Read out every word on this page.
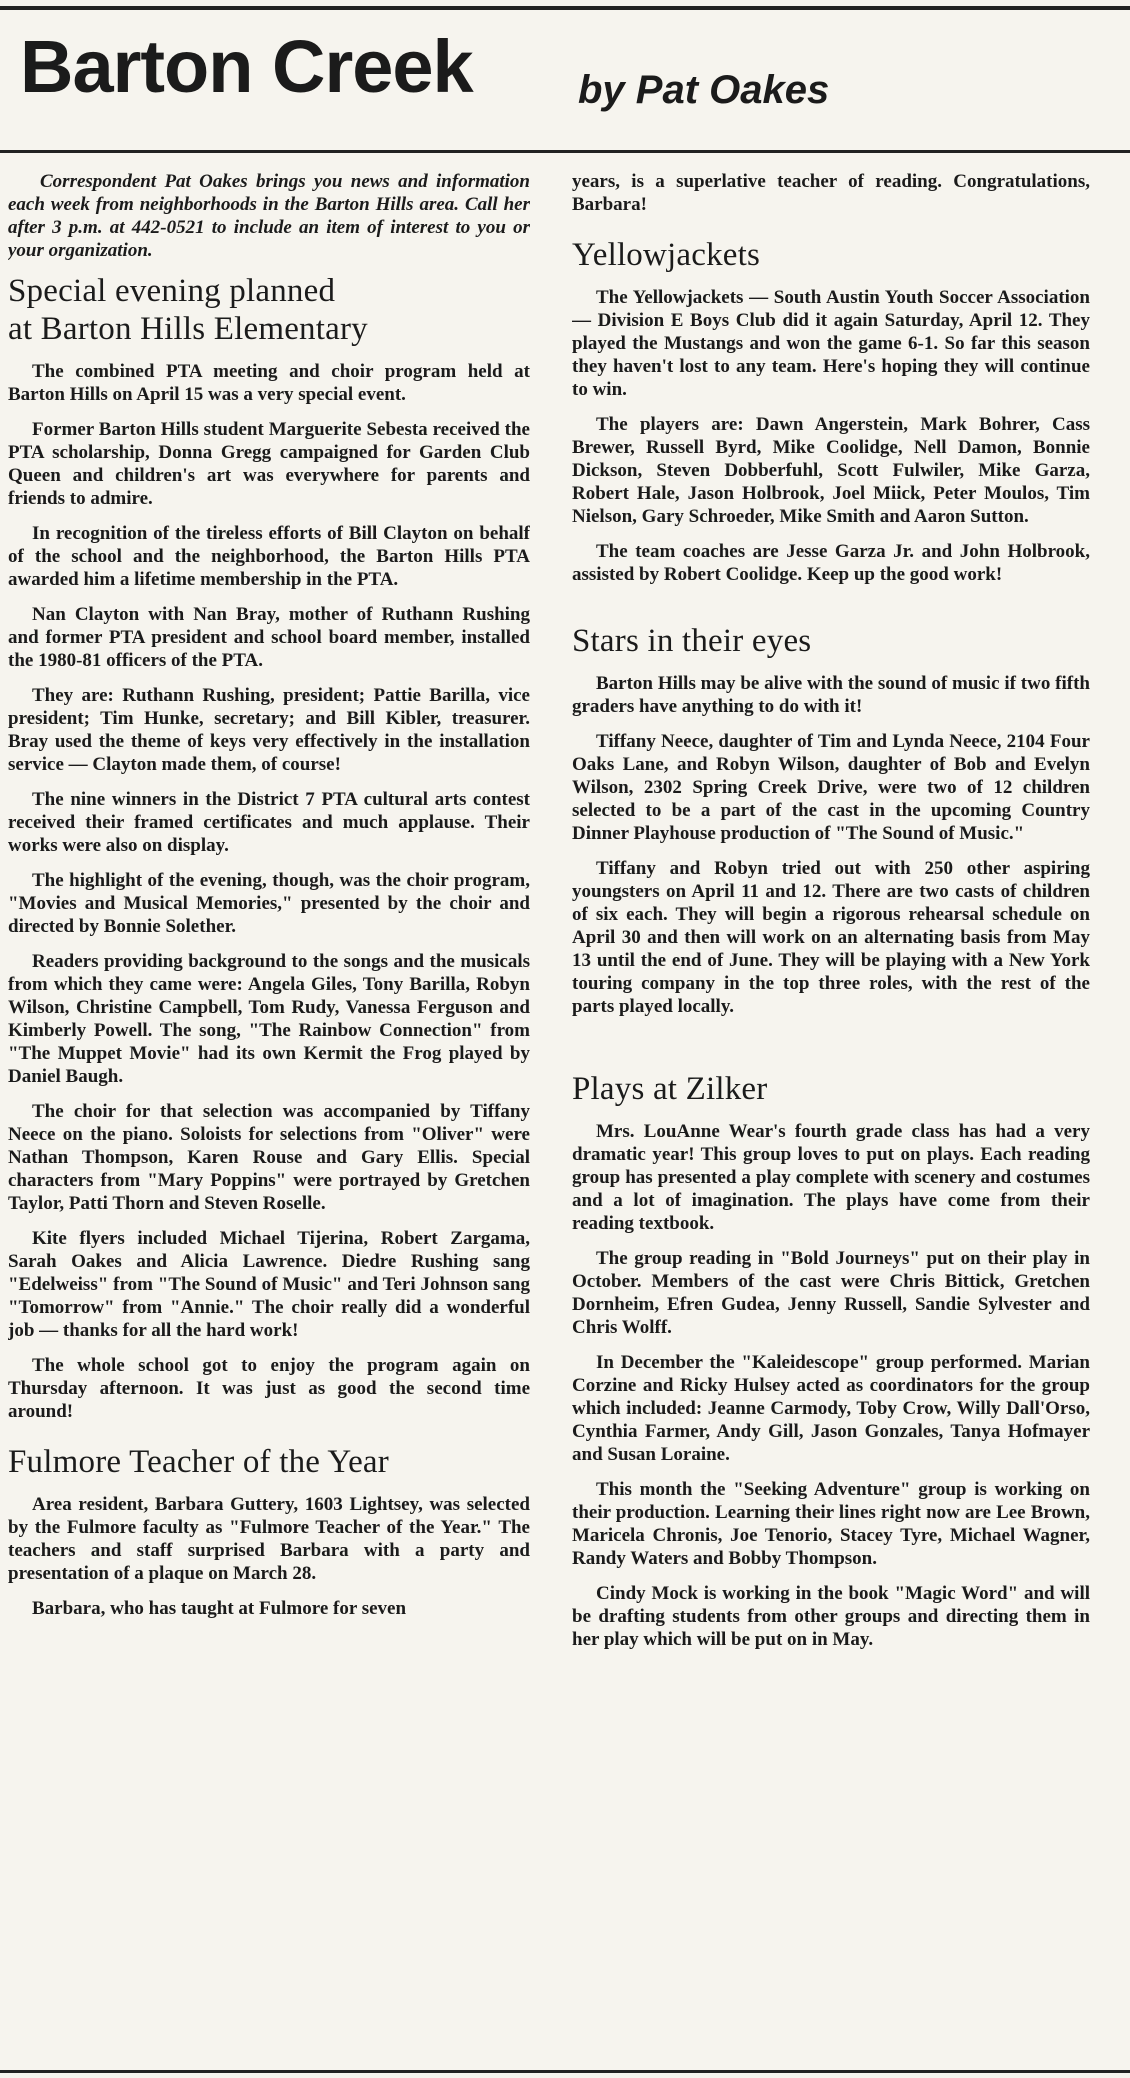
Barton Creek	by Pat Oakes

Correspondent Pat Oakes brings you news and information each week from neighborhoods in the Barton Hills area. Call her after 3 p.m. at 442-0521 to include an item of interest to you or your organization.

Special evening planned
at Barton Hills Elementary

The combined PTA meeting and choir program held at Barton Hills on April 15 was a very special event.

Former Barton Hills student Marguerite Sebesta received the PTA scholarship, Donna Gregg campaigned for Garden Club Queen and children's art was everywhere for parents and friends to admire.

In recognition of the tireless efforts of Bill Clayton on behalf of the school and the neighborhood, the Barton Hills PTA awarded him a lifetime membership in the PTA.

Nan Clayton with Nan Bray, mother of Ruthann Rushing and former PTA president and school board member, installed the 1980-81 officers of the PTA.

They are: Ruthann Rushing, president; Pattie Barilla, vice president; Tim Hunke, secretary; and Bill Kibler, treasurer. Bray used the theme of keys very effectively in the installation service — Clayton made them, of course!

The nine winners in the District 7 PTA cultural arts contest received their framed certificates and much applause. Their works were also on display.

The highlight of the evening, though, was the choir program, "Movies and Musical Memories," presented by the choir and directed by Bonnie Solether.

Readers providing background to the songs and the musicals from which they came were: Angela Giles, Tony Barilla, Robyn Wilson, Christine Campbell, Tom Rudy, Vanessa Ferguson and Kimberly Powell. The song, "The Rainbow Connection" from "The Muppet Movie" had its own Kermit the Frog played by Daniel Baugh.

The choir for that selection was accompanied by Tiffany Neece on the piano. Soloists for selections from "Oliver" were Nathan Thompson, Karen Rouse and Gary Ellis. Special characters from "Mary Poppins" were portrayed by Gretchen Taylor, Patti Thorn and Steven Roselle.

Kite flyers included Michael Tijerina, Robert Zargama, Sarah Oakes and Alicia Lawrence. Diedre Rushing sang "Edelweiss" from "The Sound of Music" and Teri Johnson sang "Tomorrow" from "Annie." The choir really did a wonderful job — thanks for all the hard work!

The whole school got to enjoy the program again on Thursday afternoon. It was just as good the second time around!

Fulmore Teacher of the Year

Area resident, Barbara Guttery, 1603 Lightsey, was selected by the Fulmore faculty as "Fulmore Teacher of the Year." The teachers and staff surprised Barbara with a party and presentation of a plaque on March 28.

Barbara, who has taught at Fulmore for seven

years, is a superlative teacher of reading. Congratulations, Barbara!

Yellowjackets

The Yellowjackets — South Austin Youth Soccer Association — Division E Boys Club did it again Saturday, April 12. They played the Mustangs and won the game 6-1. So far this season they haven't lost to any team. Here's hoping they will continue to win.

The players are: Dawn Angerstein, Mark Bohrer, Cass Brewer, Russell Byrd, Mike Coolidge, Nell Damon, Bonnie Dickson, Steven Dobberfuhl, Scott Fulwiler, Mike Garza, Robert Hale, Jason Holbrook, Joel Miick, Peter Moulos, Tim Nielson, Gary Schroeder, Mike Smith and Aaron Sutton.

The team coaches are Jesse Garza Jr. and John Holbrook, assisted by Robert Coolidge. Keep up the good work!

Stars in their eyes

Barton Hills may be alive with the sound of music if two fifth graders have anything to do with it!

Tiffany Neece, daughter of Tim and Lynda Neece, 2104 Four Oaks Lane, and Robyn Wilson, daughter of Bob and Evelyn Wilson, 2302 Spring Creek Drive, were two of 12 children selected to be a part of the cast in the upcoming Country Dinner Playhouse production of "The Sound of Music."

Tiffany and Robyn tried out with 250 other aspiring youngsters on April 11 and 12. There are two casts of children of six each. They will begin a rigorous rehearsal schedule on April 30 and then will work on an alternating basis from May 13 until the end of June. They will be playing with a New York touring company in the top three roles, with the rest of the parts played locally.

Plays at Zilker

Mrs. LouAnne Wear's fourth grade class has had a very dramatic year! This group loves to put on plays. Each reading group has presented a play complete with scenery and costumes and a lot of imagination. The plays have come from their reading textbook.

The group reading in "Bold Journeys" put on their play in October. Members of the cast were Chris Bittick, Gretchen Dornheim, Efren Gudea, Jenny Russell, Sandie Sylvester and Chris Wolff.

In December the "Kaleidescope" group performed. Marian Corzine and Ricky Hulsey acted as coordinators for the group which included: Jeanne Carmody, Toby Crow, Willy Dall'Orso, Cynthia Farmer, Andy Gill, Jason Gonzales, Tanya Hofmayer and Susan Loraine.

This month the "Seeking Adventure" group is working on their production. Learning their lines right now are Lee Brown, Maricela Chronis, Joe Tenorio, Stacey Tyre, Michael Wagner, Randy Waters and Bobby Thompson.

Cindy Mock is working in the book "Magic Word" and will be drafting students from other groups and directing them in her play which will be put on in May.
